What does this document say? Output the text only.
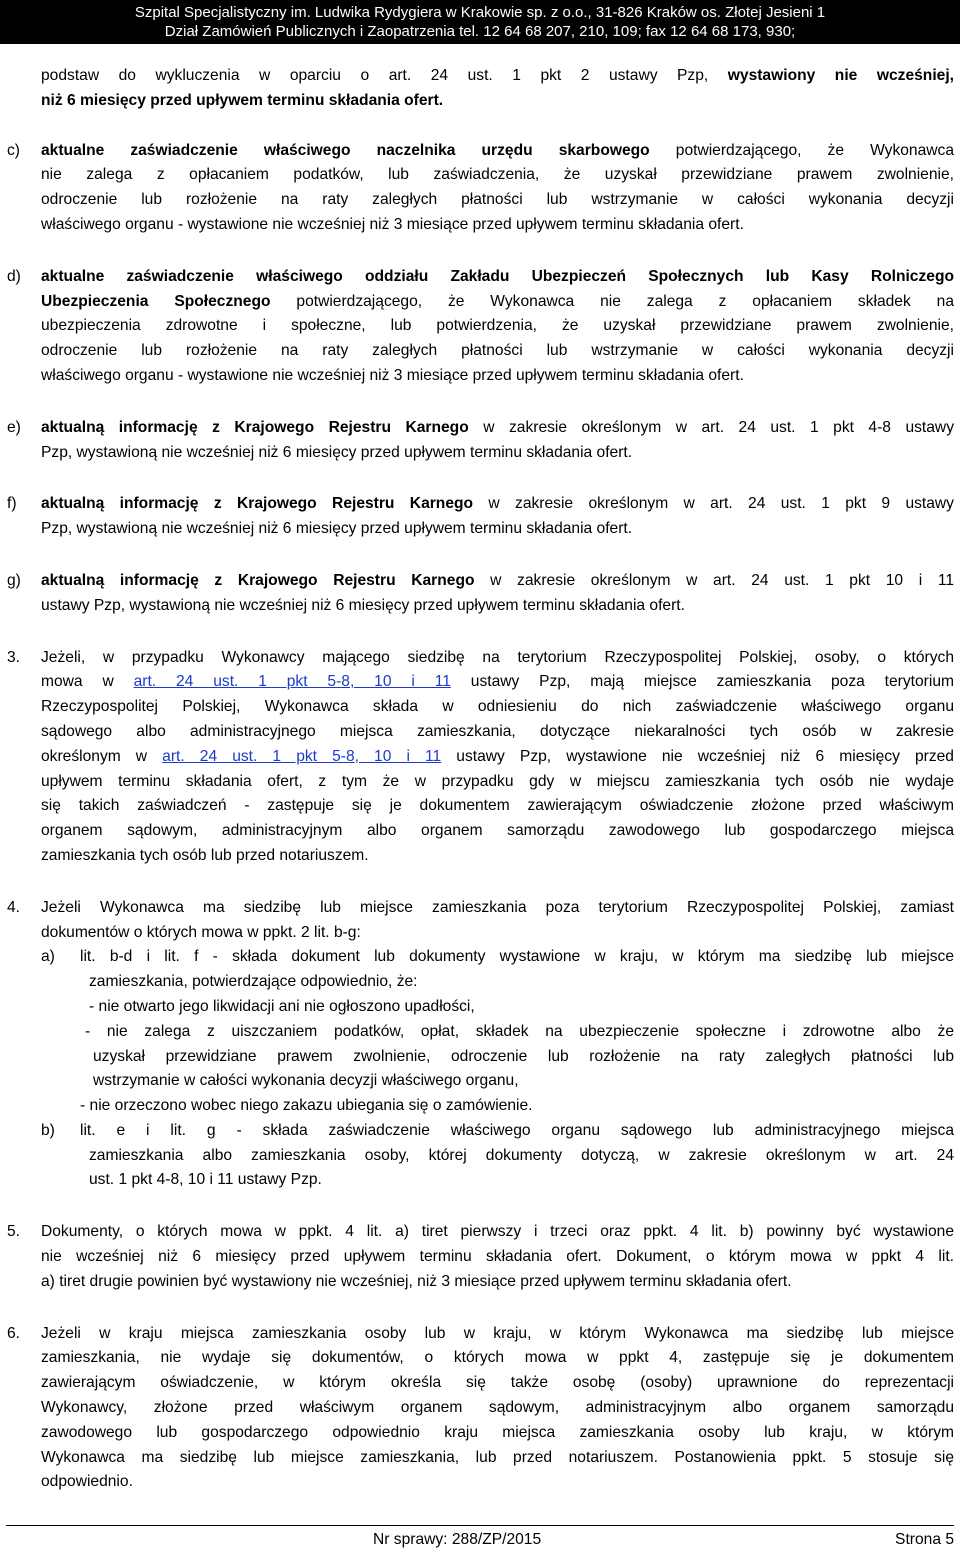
Szpital Specjalistyczny im. Ludwika Rydygiera w Krakowie sp. z o.o., 31-826 Kraków os. Złotej Jesieni 1
Dział Zamówień Publicznych i Zaopatrzenia tel. 12 64 68 207, 210, 109; fax 12 64 68 173, 930;
podstaw do wykluczenia w oparciu o art. 24 ust. 1 pkt 2 ustawy Pzp, wystawiony nie wcześniej,
niż 6 miesięcy przed upływem terminu składania ofert.
c) aktualne zaświadczenie właściwego naczelnika urzędu skarbowego potwierdzającego, że Wykonawca
nie zalega z opłacaniem podatków, lub zaświadczenia, że uzyskał przewidziane prawem zwolnienie,
odroczenie lub rozłożenie na raty zaległych płatności lub wstrzymanie w całości wykonania decyzji
właściwego organu - wystawione nie wcześniej niż 3 miesiące przed upływem terminu składania ofert.
d) aktualne zaświadczenie właściwego oddziału Zakładu Ubezpieczeń Społecznych lub Kasy Rolniczego
Ubezpieczenia Społecznego potwierdzającego, że Wykonawca nie zalega z opłacaniem składek na
ubezpieczenia zdrowotne i społeczne, lub potwierdzenia, że uzyskał przewidziane prawem zwolnienie,
odroczenie lub rozłożenie na raty zaległych płatności lub wstrzymanie w całości wykonania decyzji
właściwego organu - wystawione nie wcześniej niż 3 miesiące przed upływem terminu składania ofert.
e) aktualną informację z Krajowego Rejestru Karnego w zakresie określonym w art. 24 ust. 1 pkt 4-8 ustawy
Pzp, wystawioną nie wcześniej niż 6 miesięcy przed upływem terminu składania ofert.
f) aktualną informację z Krajowego Rejestru Karnego w zakresie określonym w art. 24 ust. 1 pkt 9 ustawy
Pzp, wystawioną nie wcześniej niż 6 miesięcy przed upływem terminu składania ofert.
g) aktualną informację z Krajowego Rejestru Karnego w zakresie określonym w art. 24 ust. 1 pkt 10 i 11
ustawy Pzp, wystawioną nie wcześniej niż 6 miesięcy przed upływem terminu składania ofert.
3. Jeżeli, w przypadku Wykonawcy mającego siedzibę na terytorium Rzeczypospolitej Polskiej, osoby, o których
mowa w art. 24 ust. 1 pkt 5-8, 10 i 11 ustawy Pzp, mają miejsce zamieszkania poza terytorium
Rzeczypospolitej Polskiej, Wykonawca składa w odniesieniu do nich zaświadczenie właściwego organu
sądowego albo administracyjnego miejsca zamieszkania, dotyczące niekaralności tych osób w zakresie
określonym w art. 24 ust. 1 pkt 5-8, 10 i 11 ustawy Pzp, wystawione nie wcześniej niż 6 miesięcy przed
upływem terminu składania ofert, z tym że w przypadku gdy w miejscu zamieszkania tych osób nie wydaje
się takich zaświadczeń - zastępuje się je dokumentem zawierającym oświadczenie złożone przed właściwym
organem sądowym, administracyjnym albo organem samorządu zawodowego lub gospodarczego miejsca
zamieszkania tych osób lub przed notariuszem.
4. Jeżeli Wykonawca ma siedzibę lub miejsce zamieszkania poza terytorium Rzeczypospolitej Polskiej, zamiast
dokumentów o których mowa w ppkt. 2 lit. b-g:
a) lit. b-d i lit. f - składa dokument lub dokumenty wystawione w kraju, w którym ma siedzibę lub miejsce
zamieszkania, potwierdzające odpowiednio, że:
- nie otwarto jego likwidacji ani nie ogłoszono upadłości,
- nie zalega z uiszczaniem podatków, opłat, składek na ubezpieczenie społeczne i zdrowotne albo że
uzyskał przewidziane prawem zwolnienie, odroczenie lub rozłożenie na raty zaległych płatności lub
wstrzymanie w całości wykonania decyzji właściwego organu,
- nie orzeczono wobec niego zakazu ubiegania się o zamówienie.
b) lit. e i lit. g - składa zaświadczenie właściwego organu sądowego lub administracyjnego miejsca
zamieszkania albo zamieszkania osoby, której dokumenty dotyczą, w zakresie określonym w art. 24
ust. 1 pkt 4-8, 10 i 11 ustawy Pzp.
5. Dokumenty, o których mowa w ppkt. 4 lit. a) tiret pierwszy i trzeci oraz ppkt. 4 lit. b) powinny być wystawione
nie wcześniej niż 6 miesięcy przed upływem terminu składania ofert. Dokument, o którym mowa w ppkt 4 lit.
a) tiret drugie powinien być wystawiony nie wcześniej, niż 3 miesiące przed upływem terminu składania ofert.
6. Jeżeli w kraju miejsca zamieszkania osoby lub w kraju, w którym Wykonawca ma siedzibę lub miejsce
zamieszkania, nie wydaje się dokumentów, o których mowa w ppkt 4, zastępuje się je dokumentem
zawierającym oświadczenie, w którym określa się także osobę (osoby) uprawnione do reprezentacji
Wykonawcy, złożone przed właściwym organem sądowym, administracyjnym albo organem samorządu
zawodowego lub gospodarczego odpowiednio kraju miejsca zamieszkania osoby lub kraju, w którym
Wykonawca ma siedzibę lub miejsce zamieszkania, lub przed notariuszem. Postanowienia ppkt. 5 stosuje się
odpowiednio.
Nr sprawy: 288/ZP/2015	Strona 5
